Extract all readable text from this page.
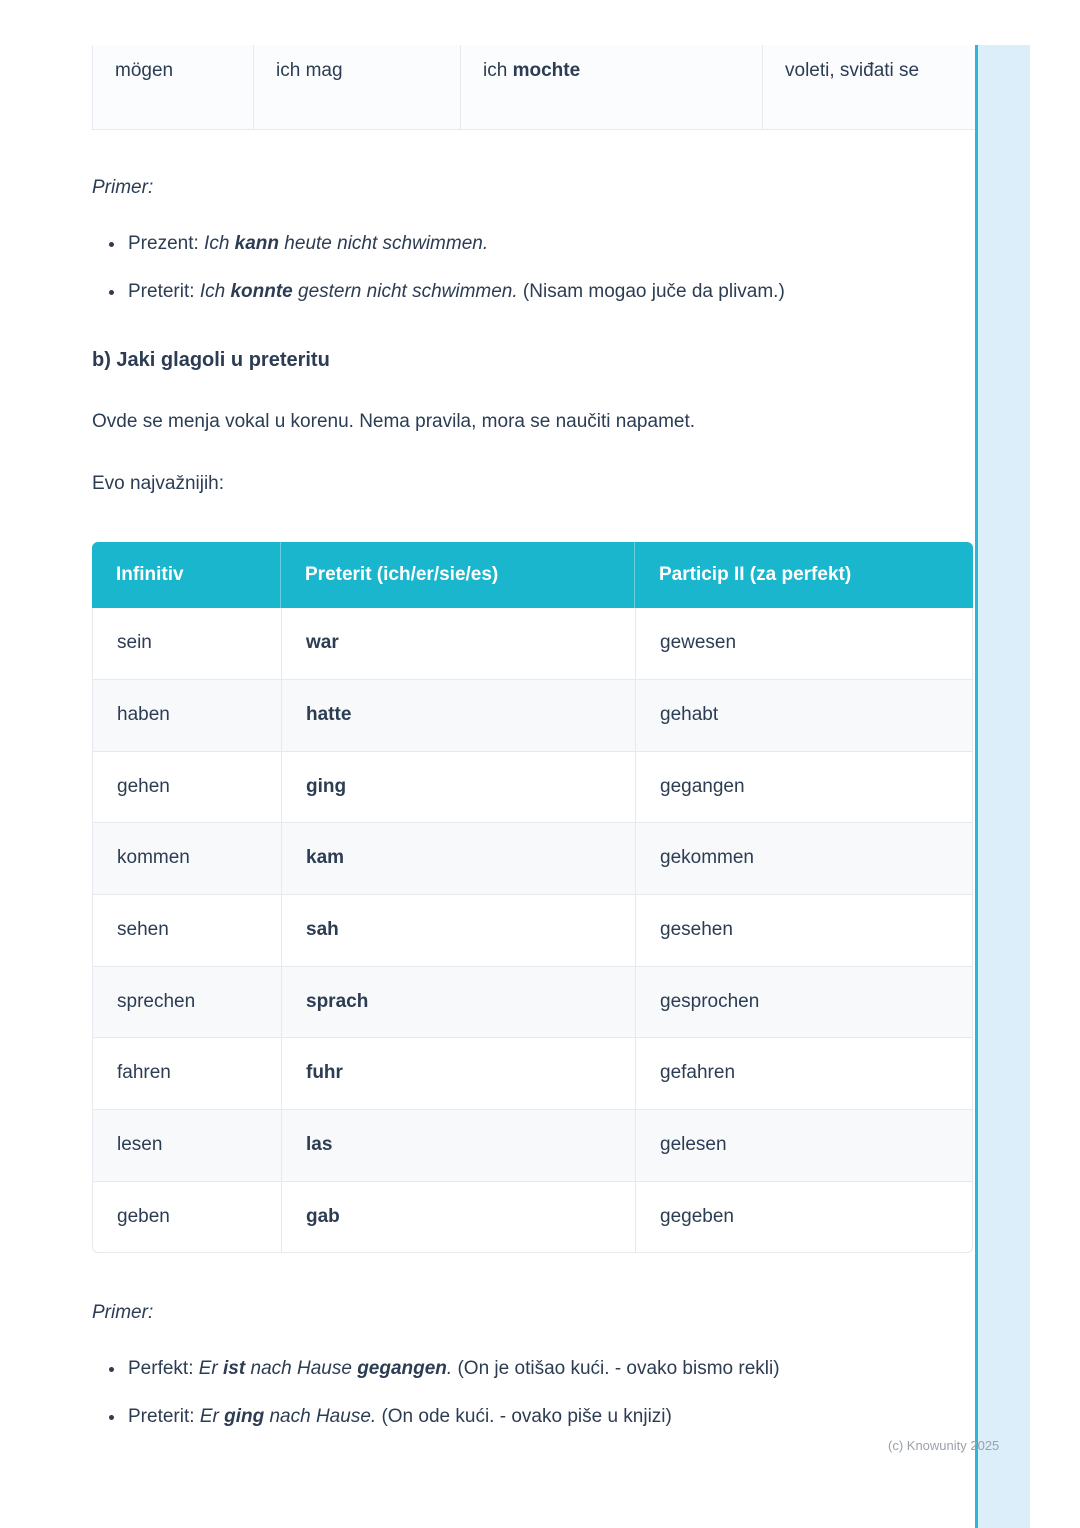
mögen	ich mag	ich mochte	voleti, sviđati se

Primer:

• Prezent: Ich kann heute nicht schwimmen.
• Preterit: Ich konnte gestern nicht schwimmen. (Nisam mogao juče da plivam.)

b) Jaki glagoli u preteritu

Ovde se menja vokal u korenu. Nema pravila, mora se naučiti napamet.

Evo najvažnijih:

Infinitiv	Preterit (ich/er/sie/es)	Particip II (za perfekt)
sein	war	gewesen
haben	hatte	gehabt
gehen	ging	gegangen
kommen	kam	gekommen
sehen	sah	gesehen
sprechen	sprach	gesprochen
fahren	fuhr	gefahren
lesen	las	gelesen
geben	gab	gegeben

Primer:

• Perfekt: Er ist nach Hause gegangen. (On je otišao kući. - ovako bismo rekli)
• Preterit: Er ging nach Hause. (On ode kući. - ovako piše u knjizi)
(c) Knowunity 2025
